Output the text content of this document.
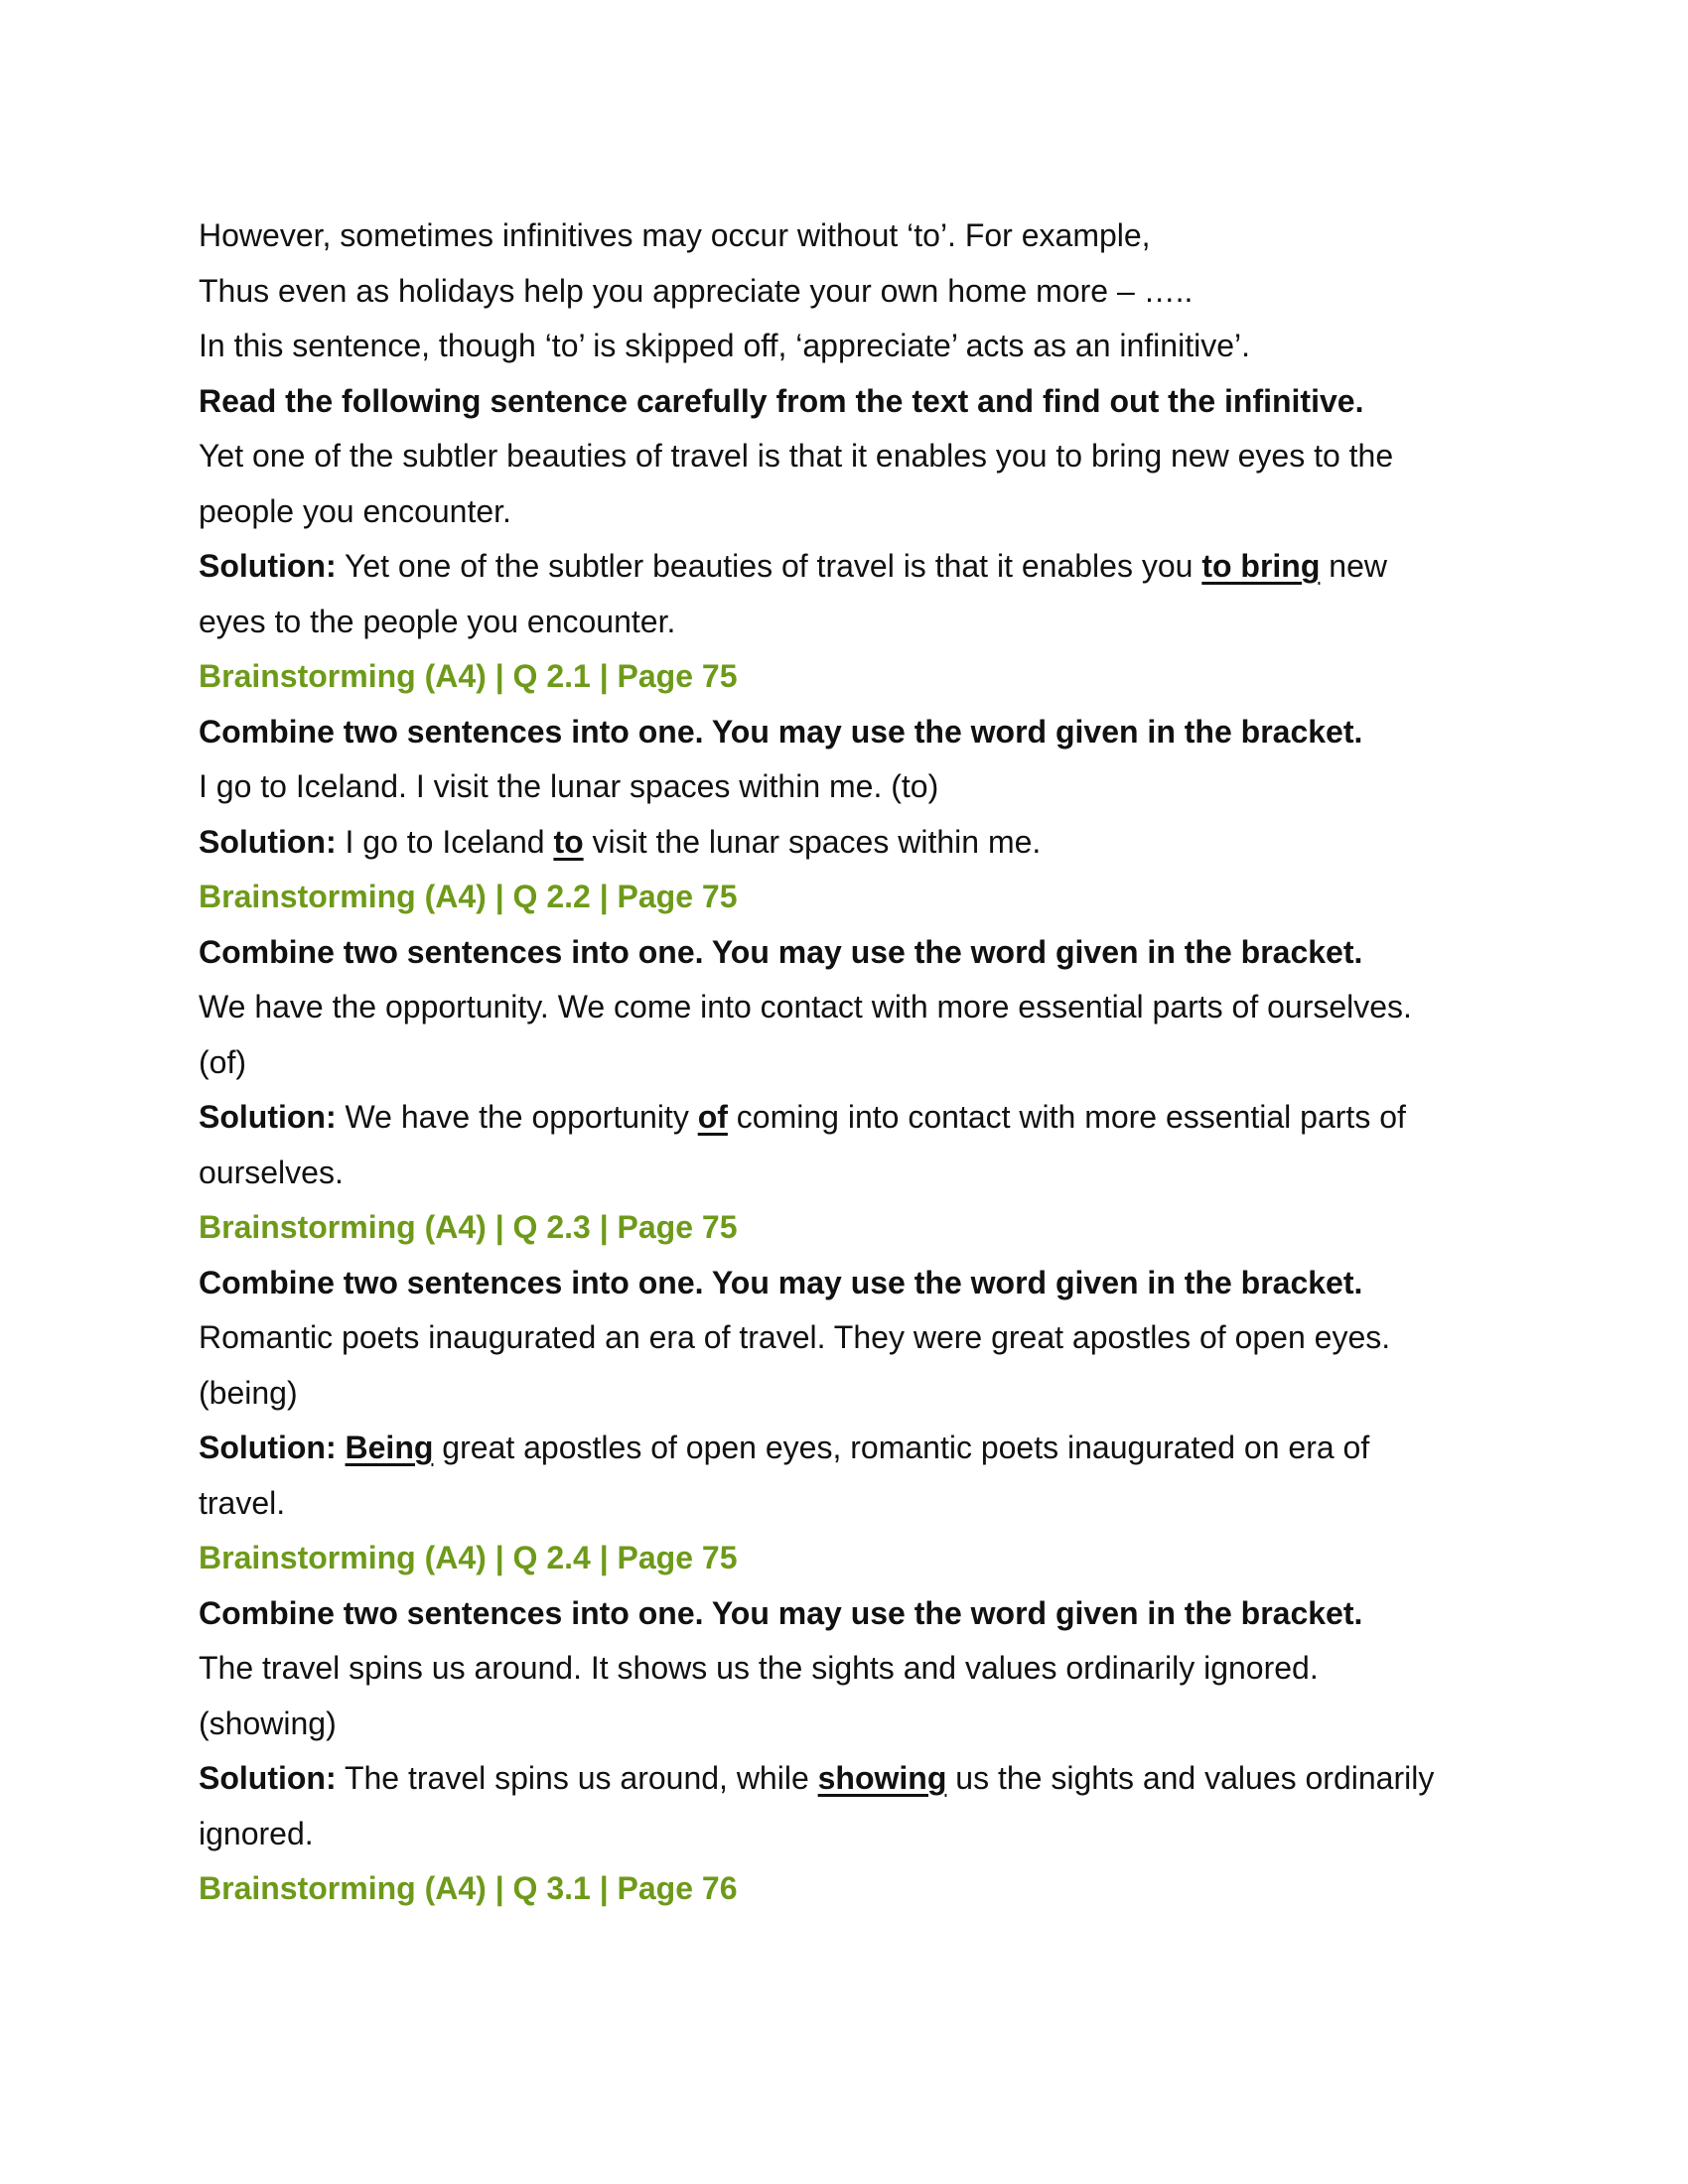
However, sometimes infinitives may occur without ‘to’. For example,
Thus even as holidays help you appreciate your own home more – …..
In this sentence, though ‘to’ is skipped off, ‘appreciate’ acts as an infinitive’.
Read the following sentence carefully from the text and find out the infinitive.
Yet one of the subtler beauties of travel is that it enables you to bring new eyes to the
people you encounter.
Solution: Yet one of the subtler beauties of travel is that it enables you to bring new
eyes to the people you encounter.
Brainstorming (A4) | Q 2.1 | Page 75
Combine two sentences into one. You may use the word given in the bracket.
I go to Iceland. I visit the lunar spaces within me. (to)
Solution: I go to Iceland to visit the lunar spaces within me.
Brainstorming (A4) | Q 2.2 | Page 75
Combine two sentences into one. You may use the word given in the bracket.
We have the opportunity. We come into contact with more essential parts of ourselves.
(of)
Solution: We have the opportunity of coming into contact with more essential parts of
ourselves.
Brainstorming (A4) | Q 2.3 | Page 75
Combine two sentences into one. You may use the word given in the bracket.
Romantic poets inaugurated an era of travel. They were great apostles of open eyes.
(being)
Solution: Being great apostles of open eyes, romantic poets inaugurated on era of
travel.
Brainstorming (A4) | Q 2.4 | Page 75
Combine two sentences into one. You may use the word given in the bracket.
The travel spins us around. It shows us the sights and values ordinarily ignored.
(showing)
Solution: The travel spins us around, while showing us the sights and values ordinarily
ignored.
Brainstorming (A4) | Q 3.1 | Page 76
